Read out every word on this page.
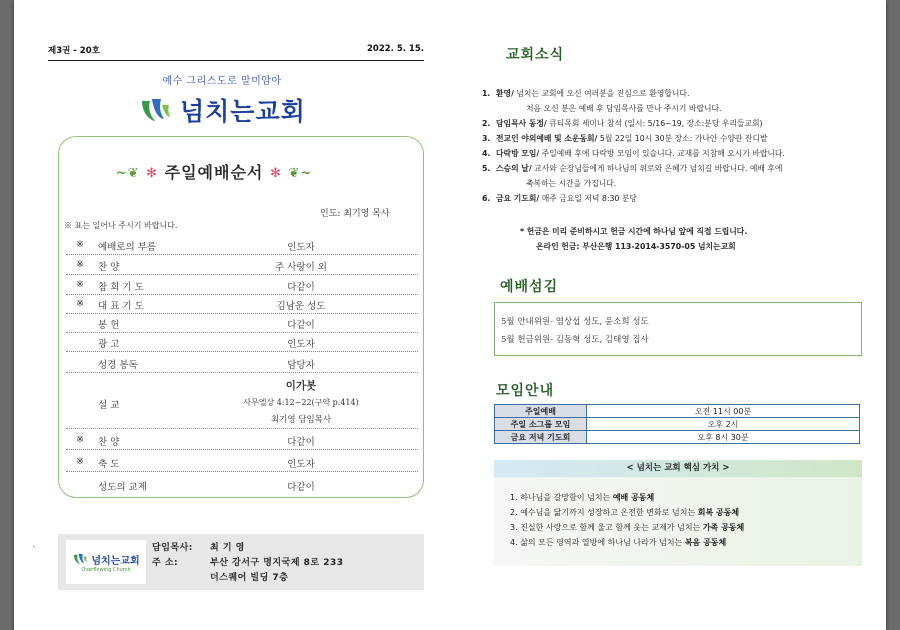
제3권 - 20호	2022. 5. 15.
예수 그리스도로 말미암아
넘치는교회
~❦ ✻ 주일예배순서 ✻ ❦~
인도: 최기영 목사
※ 표는 일어나 주시기 바랍니다.
※ 예배로의 부름	인도자
※ 찬 양	주 사랑이 외
※ 참 회 기 도	다같이
※ 대 표 기 도	김남운 성도
봉 헌	다같이
광 고	인도자
성경 봉독	담당자
설 교
이가봇
사무엘상 4:12~22(구약 p.414)
최기영 담임목사
※ 찬 양	다같이
※ 축 도	인도자
성도의 교제	다같이
넘치는교회
Overflowing Church
담임목사: 최 기 영
주 소:	부산 강서구 명지국제 8로 233
더스퀘어 빌딩 7층
ˋ
교회소식
1. 환영/ 넘치는 교회에 오신 여러분을 진심으로 환영합니다.
처음 오신 분은 예배 후 담임목사를 만나 주시기 바랍니다.
2. 담임목사 동정/ 큐티목회 세미나 참석 (일시: 5/16~19, 장소:분당 우리들교회)
3. 전교인 야외예배 및 소운동회/ 5월 22일 10시 30분 장소: 가나안 수양관 잔디밭
4. 다락방 모임/ 주일예배 후에 다락방 모임이 있습니다. 교재를 지참해 오시기 바랍니다.
5. 스승의 날/ 교사와 순장님들에게 하나님의 위로와 은혜가 넘치길 바랍니다. 예배 후에
축복하는 시간을 가집니다.
6. 금요 기도회/ 매주 금요일 저녁 8:30 분당
* 헌금은 미리 준비하시고 헌금 시간에 하나님 앞에 직접 드립니다.
온라인 헌금: 부산은행 113-2014-3570-05 넘치는교회
예배섬김
5월 안내위원- 염상섭 성도, 윤소희 성도
5월 헌금위원- 김동혁 성도, 김태영 집사
모임안내
주일예배	오전 11시 00분
주일 소그룹 모임	오후 2시
금요 저녁 기도회	오후 8시 30분
< 넘치는 교회 핵심 가치 >
1. 하나님을 갈망함이 넘치는 예배 공동체
2. 예수님을 닮기까지 성장하고 온전한 변화로 넘치는 회복 공동체
3. 진실한 사랑으로 함께 울고 함께 웃는 교제가 넘치는 가족 공동체
4. 삶의 모든 영역과 열방에 하나님 나라가 넘치는 복음 공동체
